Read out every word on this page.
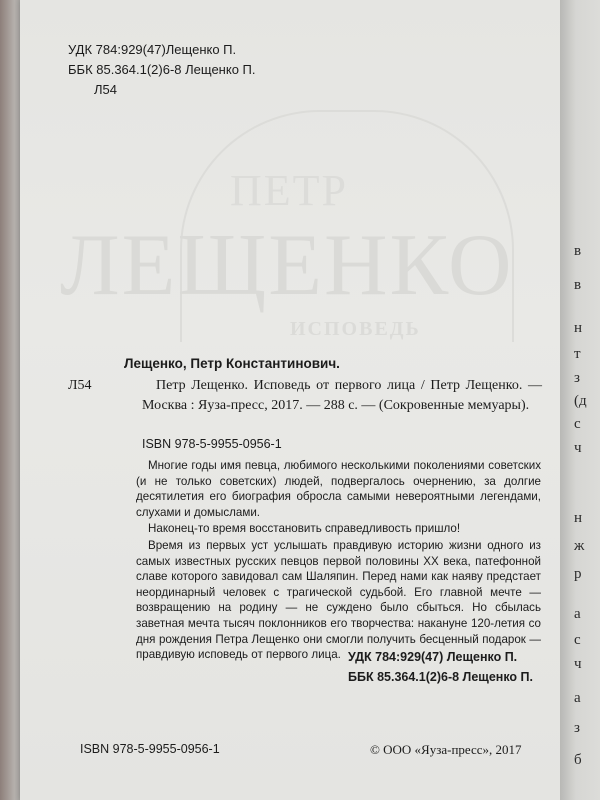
ПЕТР
ЛЕЩЕНКО
ИСПОВЕДЬ
УДК 784:929(47)Лещенко П.
ББК 85.364.1(2)6-8 Лещенко П.
Л54
Лещенко, Петр Константинович.
Л54	Петр Лещенко. Исповедь от первого лица / Петр Лещенко. — Москва : Яуза-пресс, 2017. — 288 с. — (Сокровенные мемуары).
ISBN 978-5-9955-0956-1

Многие годы имя певца, любимого несколькими поколениями советских (и не только советских) людей, подвергалось очернению, за долгие десятилетия его биография обросла самыми невероятными легендами, слухами и домыслами.

Наконец-то время восстановить справедливость пришло!

Время из первых уст услышать правдивую историю жизни одного из самых известных русских певцов первой половины XX века, патефонной славе которого завидовал сам Шаляпин. Перед нами как наяву предстает неординарный человек с трагической судьбой. Его главной мечте — возвращению на родину — не суждено было сбыться. Но сбылась заветная мечта тысяч поклонников его творчества: накануне 120-летия со дня рождения Петра Лещенко они смогли получить бесценный подарок — правдивую исповедь от первого лица. УДК 784:929(47) Лещенко П.
ББК 85.364.1(2)6-8 Лещенко П.
ISBN 978-5-9955-0956-1	© ООО «Яуза-пресс», 2017
в
в
н
т
з
(д
с
ч
н
ж
р
а
с
ч
а
з
б
